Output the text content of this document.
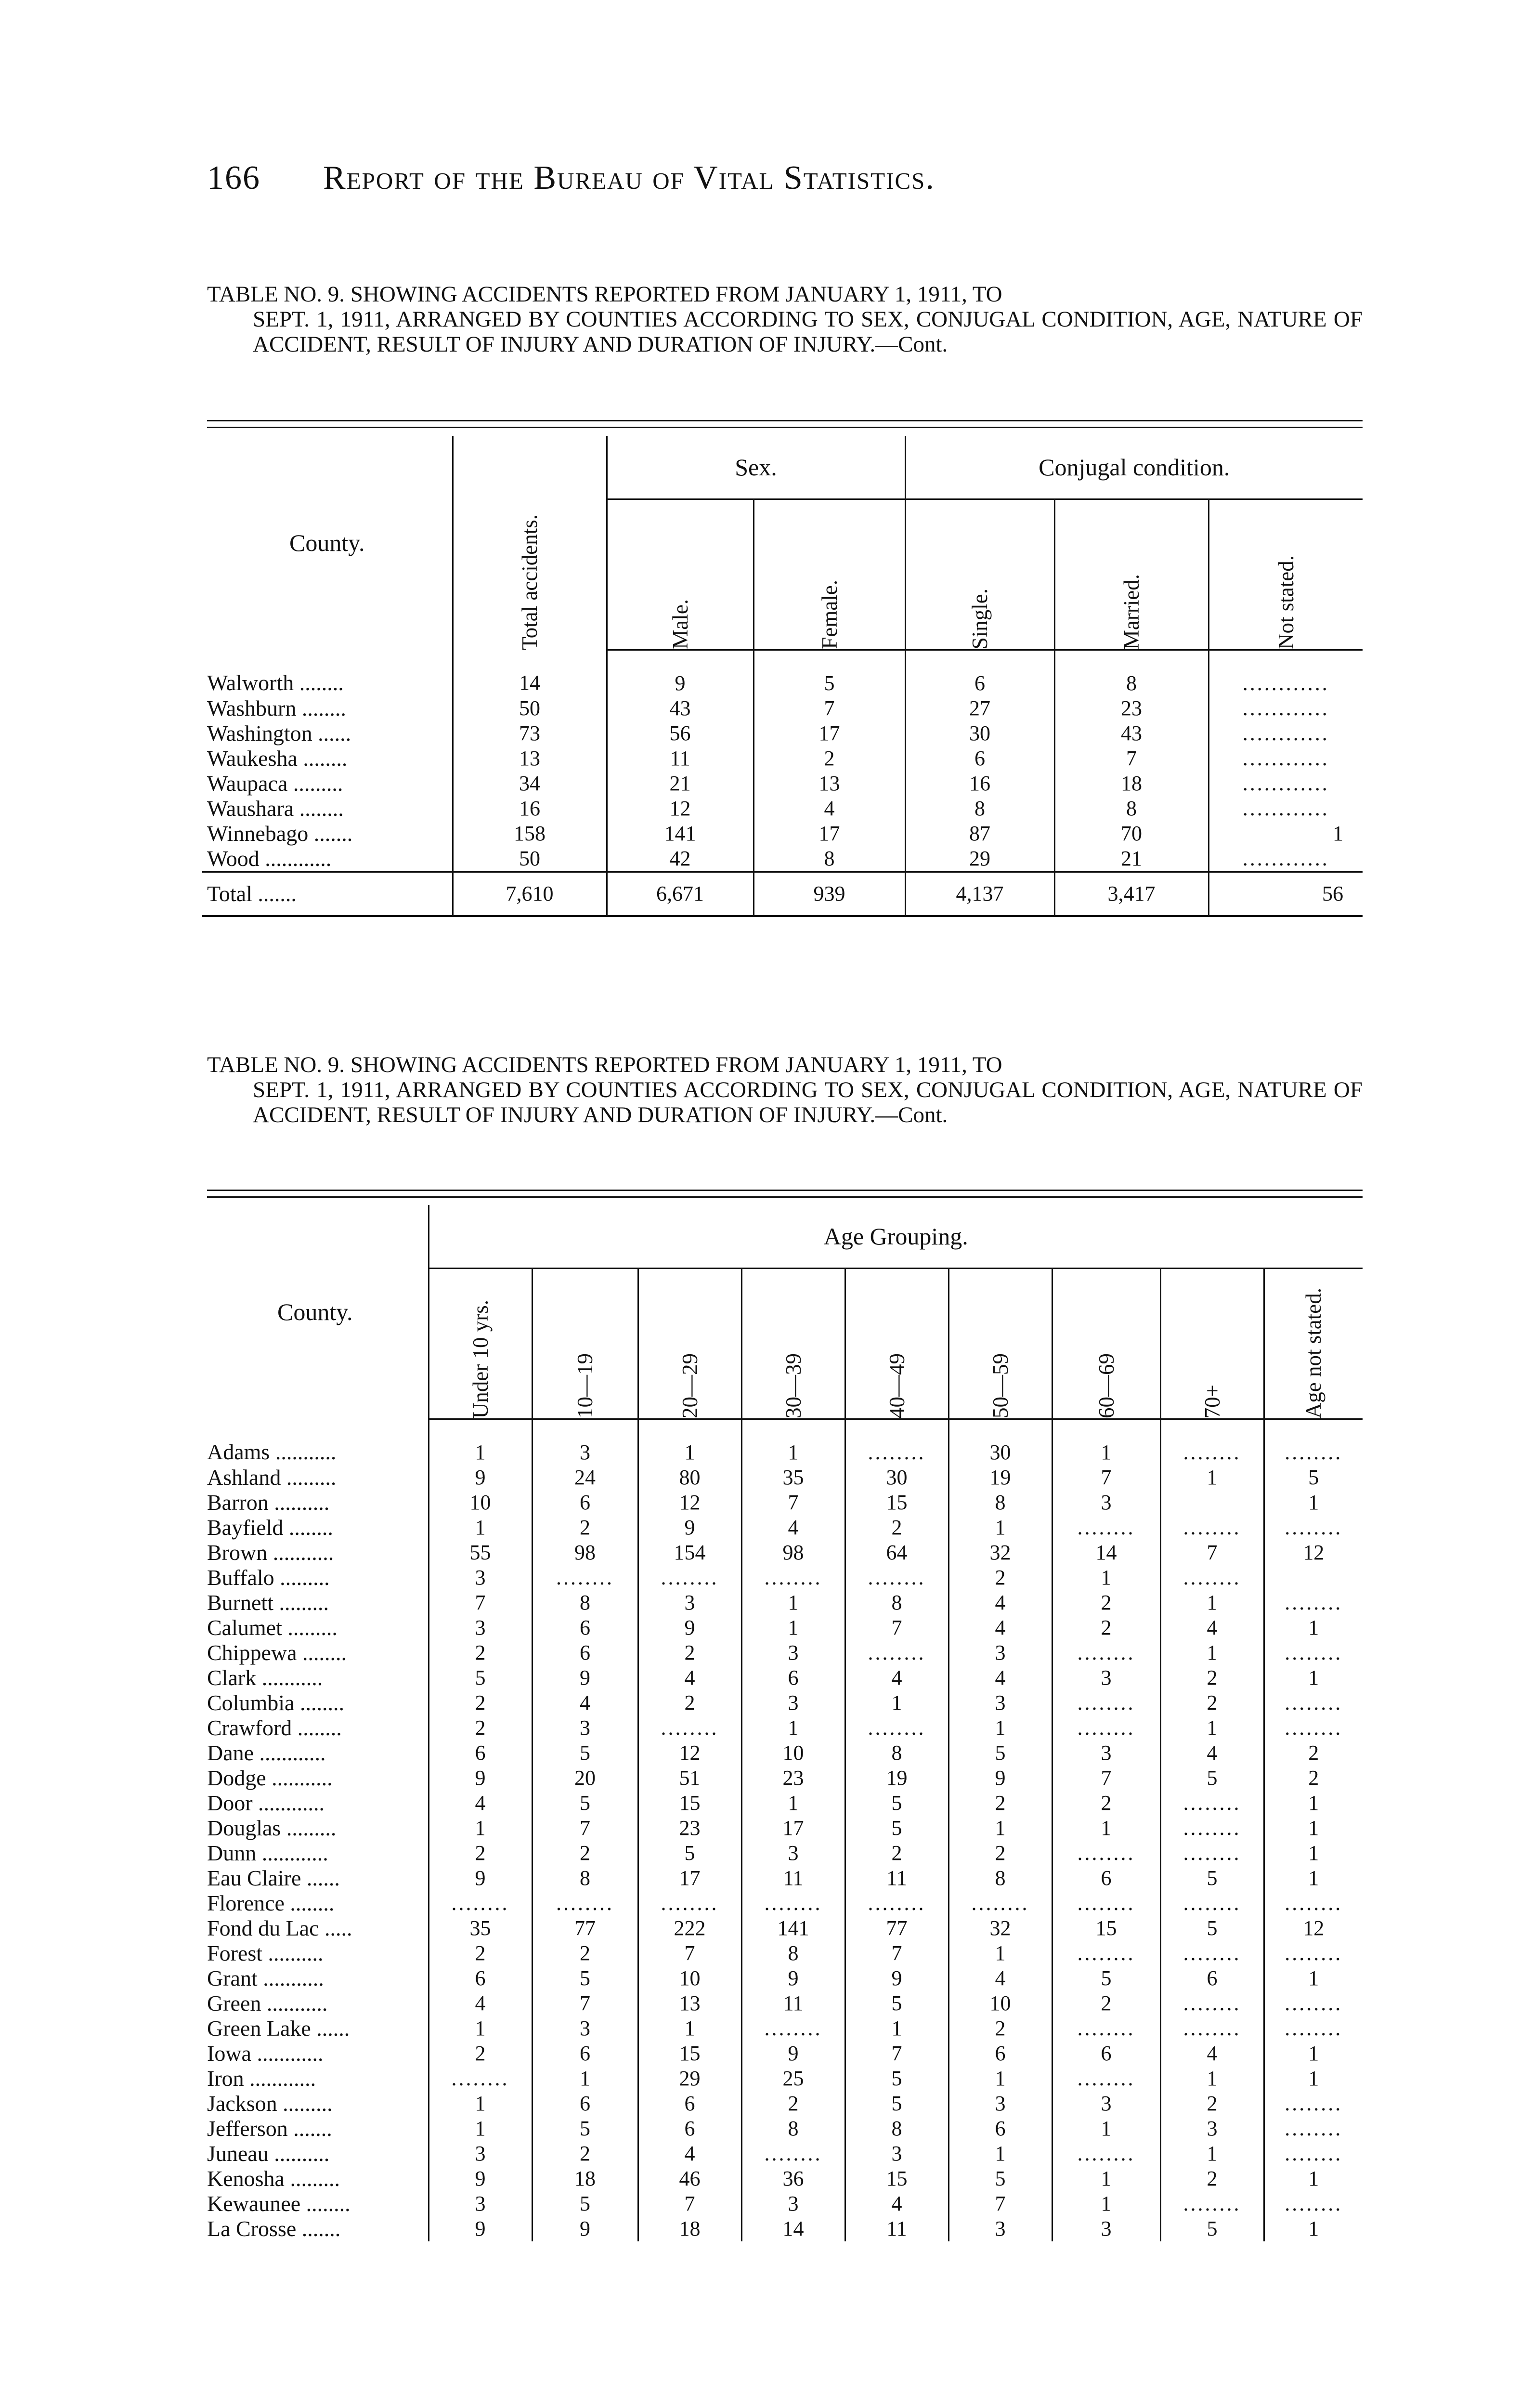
166 Report of the Bureau of Vital Statistics.
TABLE NO. 9. SHOWING ACCIDENTS REPORTED FROM JANUARY 1, 1911, TO
SEPT. 1, 1911, ARRANGED BY COUNTIES ACCORDING TO SEX, CONJUGAL CONDITION, AGE, NATURE OF ACCIDENT, RESULT OF INJURY AND DURATION OF INJURY.—Cont.
County.	Total accidents.	Sex.		Conjugal condition.		

		Male.	Female.	Single.	Married.	Not stated.

Walworth ........	14	9	5	6	8	............
Washburn ........	50	43	7	27	23	............
Washington ......	73	56	17	30	43	............
Waukesha ........	13	11	2	6	7	............
Waupaca .........	34	21	13	16	18	............
Waushara ........	16	12	4	8	8	............
Winnebago .......	158	141	17	87	70	1
Wood ............	50	42	8	29	21	............
Total .......	7,610	6,671	939	4,137	3,417	56
TABLE NO. 9. SHOWING ACCIDENTS REPORTED FROM JANUARY 1, 1911, TO
SEPT. 1, 1911, ARRANGED BY COUNTIES ACCORDING TO SEX, CONJUGAL CONDITION, AGE, NATURE OF ACCIDENT, RESULT OF INJURY AND DURATION OF INJURY.—Cont.
County.	Age Grouping.								

	Under 10 yrs.	10—19	20—29	30—39	40—49	50—59	60—69	70+	Age not stated.

Adams ...........	1	3	1	1	........	30	1	........	........
Ashland .........	9	24	80	35	30	19	7	1	5
Barron ..........	10	6	12	7	15	8	3		1
Bayfield ........	1	2	9	4	2	1	........	........	........
Brown ...........	55	98	154	98	64	32	14	7	12
Buffalo .........	3	........	........	........	........	2	1	........	
Burnett .........	7	8	3	1	8	4	2	1	........
Calumet .........	3	6	9	1	7	4	2	4	1
Chippewa ........	2	6	2	3	........	3	........	1	........
Clark ...........	5	9	4	6	4	4	3	2	1
Columbia ........	2	4	2	3	1	3	........	2	........
Crawford ........	2	3	........	1	........	1	........	1	........
Dane ............	6	5	12	10	8	5	3	4	2
Dodge ...........	9	20	51	23	19	9	7	5	2
Door ............	4	5	15	1	5	2	2	........	1
Douglas .........	1	7	23	17	5	1	1	........	1
Dunn ............	2	2	5	3	2	2	........	........	1
Eau Claire ......	9	8	17	11	11	8	6	5	1
Florence ........	........	........	........	........	........	........	........	........	........
Fond du Lac .....	35	77	222	141	77	32	15	5	12
Forest ..........	2	2	7	8	7	1	........	........	........
Grant ...........	6	5	10	9	9	4	5	6	1
Green ...........	4	7	13	11	5	10	2	........	........
Green Lake ......	1	3	1	........	1	2	........	........	........
Iowa ............	2	6	15	9	7	6	6	4	1
Iron ............	........	1	29	25	5	1	........	1	1
Jackson .........	1	6	6	2	5	3	3	2	........
Jefferson .......	1	5	6	8	8	6	1	3	........
Juneau ..........	3	2	4	........	3	1	........	1	........
Kenosha .........	9	18	46	36	15	5	1	2	1
Kewaunee ........	3	5	7	3	4	7	1	........	........
La Crosse .......	9	9	18	14	11	3	3	5	1
